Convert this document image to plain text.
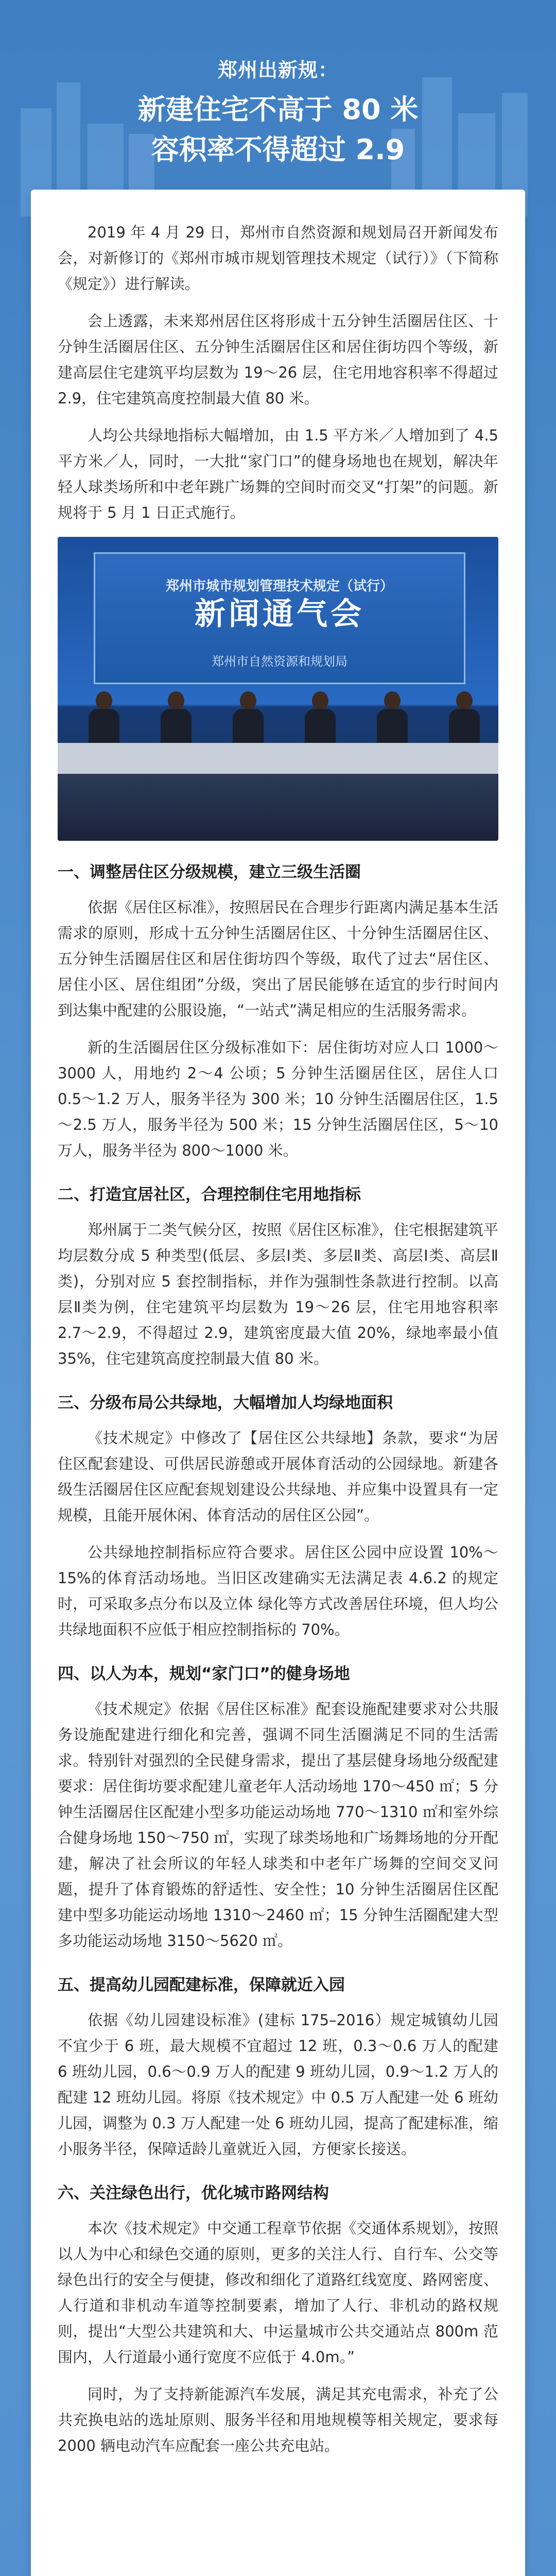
郑州出新规：
新建住宅不高于 80 米
容积率不得超过 2.9

2019 年 4 月 29 日，郑州市自然资源和规划局召开新闻发布会，对新修订的《郑州市城市规划管理技术规定（试行）》（下简称《规定》）进行解读。

会上透露，未来郑州居住区将形成十五分钟生活圈居住区、十分钟生活圈居住区、五分钟生活圈居住区和居住街坊四个等级，新建高层住宅建筑平均层数为 19～26 层，住宅用地容积率不得超过 2.9，住宅建筑高度控制最大值 80 米。

人均公共绿地指标大幅增加，由 1.5 平方米／人增加到了 4.5 平方米／人，同时，一大批“家门口”的健身场地也在规划，解决年轻人球类场所和中老年跳广场舞的空间时而交叉“打架”的问题。新规将于 5 月 1 日正式施行。

郑州市城市规划管理技术规定（试行）
新闻通气会
郑州市自然资源和规划局
一、调整居住区分级规模，建立三级生活圈

依据《居住区标准》，按照居民在合理步行距离内满足基本生活需求的原则，形成十五分钟生活圈居住区、十分钟生活圈居住区、五分钟生活圈居住区和居住街坊四个等级，取代了过去“居住区、居住小区、居住组团”分级，突出了居民能够在适宜的步行时间内到达集中配建的公服设施，“一站式”满足相应的生活服务需求。

新的生活圈居住区分级标准如下：居住街坊对应人口 1000～3000 人，用地约 2～4 公顷；5 分钟生活圈居住区，居住人口 0.5～1.2 万人，服务半径为 300 米；10 分钟生活圈居住区，1.5～2.5 万人，服务半径为 500 米；15 分钟生活圈居住区，5～10 万人，服务半径为 800～1000 米。

二、打造宜居社区，合理控制住宅用地指标

郑州属于二类气候分区，按照《居住区标准》，住宅根据建筑平均层数分成 5 种类型(低层、多层Ⅰ类、多层Ⅱ类、高层Ⅰ类、高层Ⅱ类)，分别对应 5 套控制指标，并作为强制性条款进行控制。以高层Ⅱ类为例，住宅建筑平均层数为 19～26 层，住宅用地容积率 2.7～2.9，不得超过 2.9，建筑密度最大值 20%，绿地率最小值 35%，住宅建筑高度控制最大值 80 米。

三、分级布局公共绿地，大幅增加人均绿地面积

《技术规定》中修改了【居住区公共绿地】条款，要求“为居住区配套建设、可供居民游憩或开展体育活动的公园绿地。新建各级生活圈居住区应配套规划建设公共绿地、并应集中设置具有一定规模，且能开展休闲、体育活动的居住区公园”。

公共绿地控制指标应符合要求。居住区公园中应设置 10%～15%的体育活动场地。当旧区改建确实无法满足表 4.6.2 的规定时，可采取多点分布以及立体 绿化等方式改善居住环境，但人均公共绿地面积不应低于相应控制指标的 70%。

四、以人为本，规划“家门口”的健身场地

《技术规定》依据《居住区标准》配套设施配建要求对公共服务设施配建进行细化和完善，强调不同生活圈满足不同的生活需求。特别针对强烈的全民健身需求，提出了基层健身场地分级配建要求：居住街坊要求配建儿童老年人活动场地 170～450 ㎡；5 分钟生活圈居住区配建小型多功能运动场地 770～1310 ㎡和室外综合健身场地 150～750 ㎡，实现了球类场地和广场舞场地的分开配建，解决了社会所议的年轻人球类和中老年广场舞的空间交叉问题，提升了体育锻炼的舒适性、安全性；10 分钟生活圈居住区配建中型多功能运动场地 1310～2460 ㎡；15 分钟生活圈配建大型多功能运动场地 3150～5620 ㎡。

五、提高幼儿园配建标准，保障就近入园

依据《幼儿园建设标准》(建标 175–2016）规定城镇幼儿园不宜少于 6 班，最大规模不宜超过 12 班，0.3～0.6 万人的配建 6 班幼儿园，0.6～0.9 万人的配建 9 班幼儿园，0.9～1.2 万人的配建 12 班幼儿园。将原《技术规定》中 0.5 万人配建一处 6 班幼儿园，调整为 0.3 万人配建一处 6 班幼儿园，提高了配建标准，缩小服务半径，保障适龄儿童就近入园，方便家长接送。

六、关注绿色出行，优化城市路网结构

本次《技术规定》中交通工程章节依据《交通体系规划》，按照以人为中心和绿色交通的原则，更多的关注人行、自行车、公交等绿色出行的安全与便捷，修改和细化了道路红线宽度、路网密度、人行道和非机动车道等控制要素，增加了人行、非机动的路权规则，提出“大型公共建筑和大、中运量城市公共交通站点 800m 范围内，人行道最小通行宽度不应低于 4.0m。”

同时，为了支持新能源汽车发展，满足其充电需求，补充了公共充换电站的选址原则、服务半径和用地规模等相关规定，要求每 2000 辆电动汽车应配套一座公共充电站。
